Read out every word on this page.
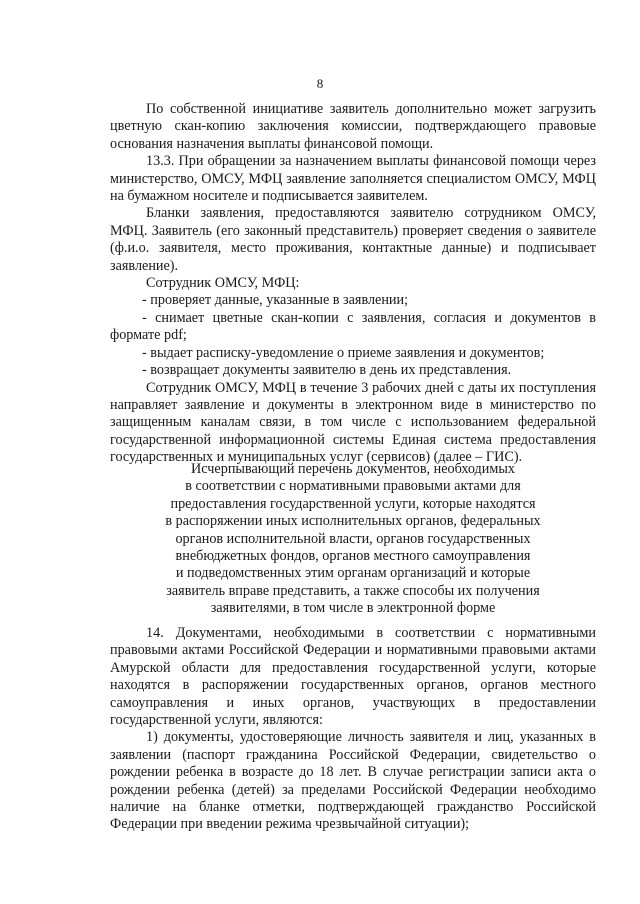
8

По собственной инициативе заявитель дополнительно может загрузить цветную скан-копию заключения комиссии, подтверждающего правовые основания назначения выплаты финансовой помощи.

13.3. При обращении за назначением выплаты финансовой помощи через министерство, ОМСУ, МФЦ заявление заполняется специалистом ОМСУ, МФЦ на бумажном носителе и подписывается заявителем.

Бланки заявления, предоставляются заявителю сотрудником ОМСУ, МФЦ. Заявитель (его законный представитель) проверяет сведения о заявителе (ф.и.о. заявителя, место проживания, контактные данные) и подписывает заявление).

Сотрудник ОМСУ, МФЦ:

- проверяет данные, указанные в заявлении;

- снимает цветные скан-копии с заявления, согласия и документов в формате pdf;

- выдает расписку-уведомление о приеме заявления и документов;

- возвращает документы заявителю в день их представления.

Сотрудник ОМСУ, МФЦ в течение 3 рабочих дней с даты их поступления направляет заявление и документы в электронном виде в министерство по защищенным каналам связи, в том числе с использованием федеральной государственной информационной системы Единая система предоставления государственных и муниципальных услуг (сервисов) (далее – ГИС).

Исчерпывающий перечень документов, необходимых

в соответствии с нормативными правовыми актами для

предоставления государственной услуги, которые находятся

в распоряжении иных исполнительных органов, федеральных

органов исполнительной власти, органов государственных

внебюджетных фондов, органов местного самоуправления

и подведомственных этим органам организаций и которые

заявитель вправе представить, а также способы их получения

заявителями, в том числе в электронной форме

14. Документами, необходимыми в соответствии с нормативными правовыми актами Российской Федерации и нормативными правовыми актами Амурской области для предоставления государственной услуги, которые находятся в распоряжении государственных органов, органов местного самоуправления и иных органов, участвующих в предоставлении государственной услуги, являются:

1) документы, удостоверяющие личность заявителя и лиц, указанных в заявлении (паспорт гражданина Российской Федерации, свидетельство о рождении ребенка в возрасте до 18 лет. В случае регистрации записи акта о рождении ребенка (детей) за пределами Российской Федерации необходимо наличие на бланке отметки, подтверждающей гражданство Российской Федерации при введении режима чрезвычайной ситуации);
